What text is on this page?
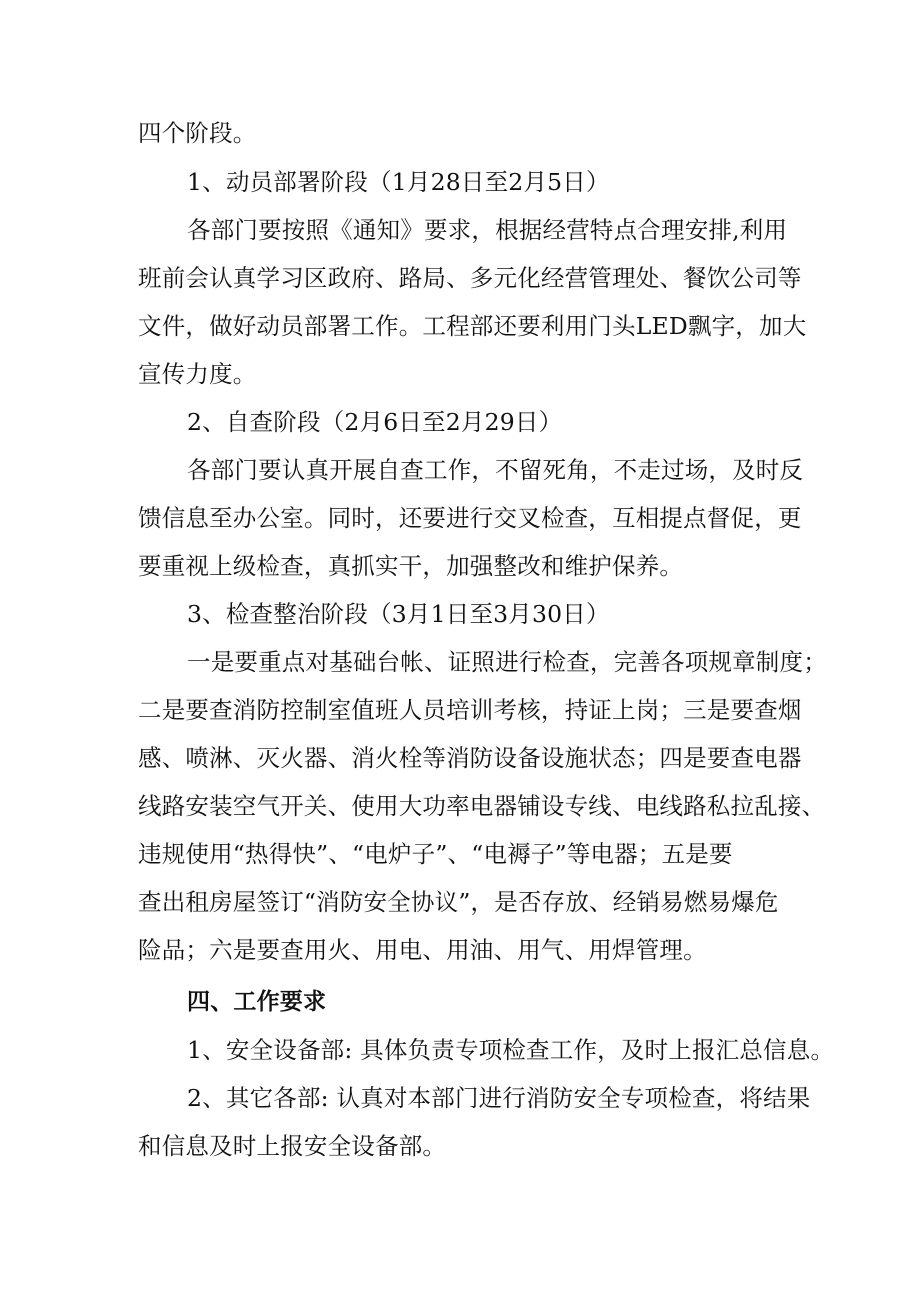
四个阶段。
1、动员部署阶段（1月28日至2月5日）
各部门要按照《通知》要求，根据经营特点合理安排,利用
班前会认真学习区政府、路局、多元化经营管理处、餐饮公司等
文件，做好动员部署工作。工程部还要利用门头LED飘字，加大
宣传力度。
2、自查阶段（2月6日至2月29日）
各部门要认真开展自查工作，不留死角，不走过场，及时反
馈信息至办公室。同时，还要进行交叉检查，互相提点督促，更
要重视上级检查，真抓实干，加强整改和维护保养。
3、检查整治阶段（3月1日至3月30日）
一是要重点对基础台帐、证照进行检查，完善各项规章制度；
二是要查消防控制室值班人员培训考核，持证上岗；三是要查烟
感、喷淋、灭火器、消火栓等消防设备设施状态；四是要查电器
线路安装空气开关、使用大功率电器铺设专线、电线路私拉乱接、
违规使用“热得快”、“电炉子”、“电褥子”等电器；五是要
查出租房屋签订“消防安全协议”，是否存放、经销易燃易爆危
险品；六是要查用火、用电、用油、用气、用焊管理。
四、工作要求
1、安全设备部: 具体负责专项检查工作，及时上报汇总信息。
2、其它各部: 认真对本部门进行消防安全专项检查，将结果
和信息及时上报安全设备部。
